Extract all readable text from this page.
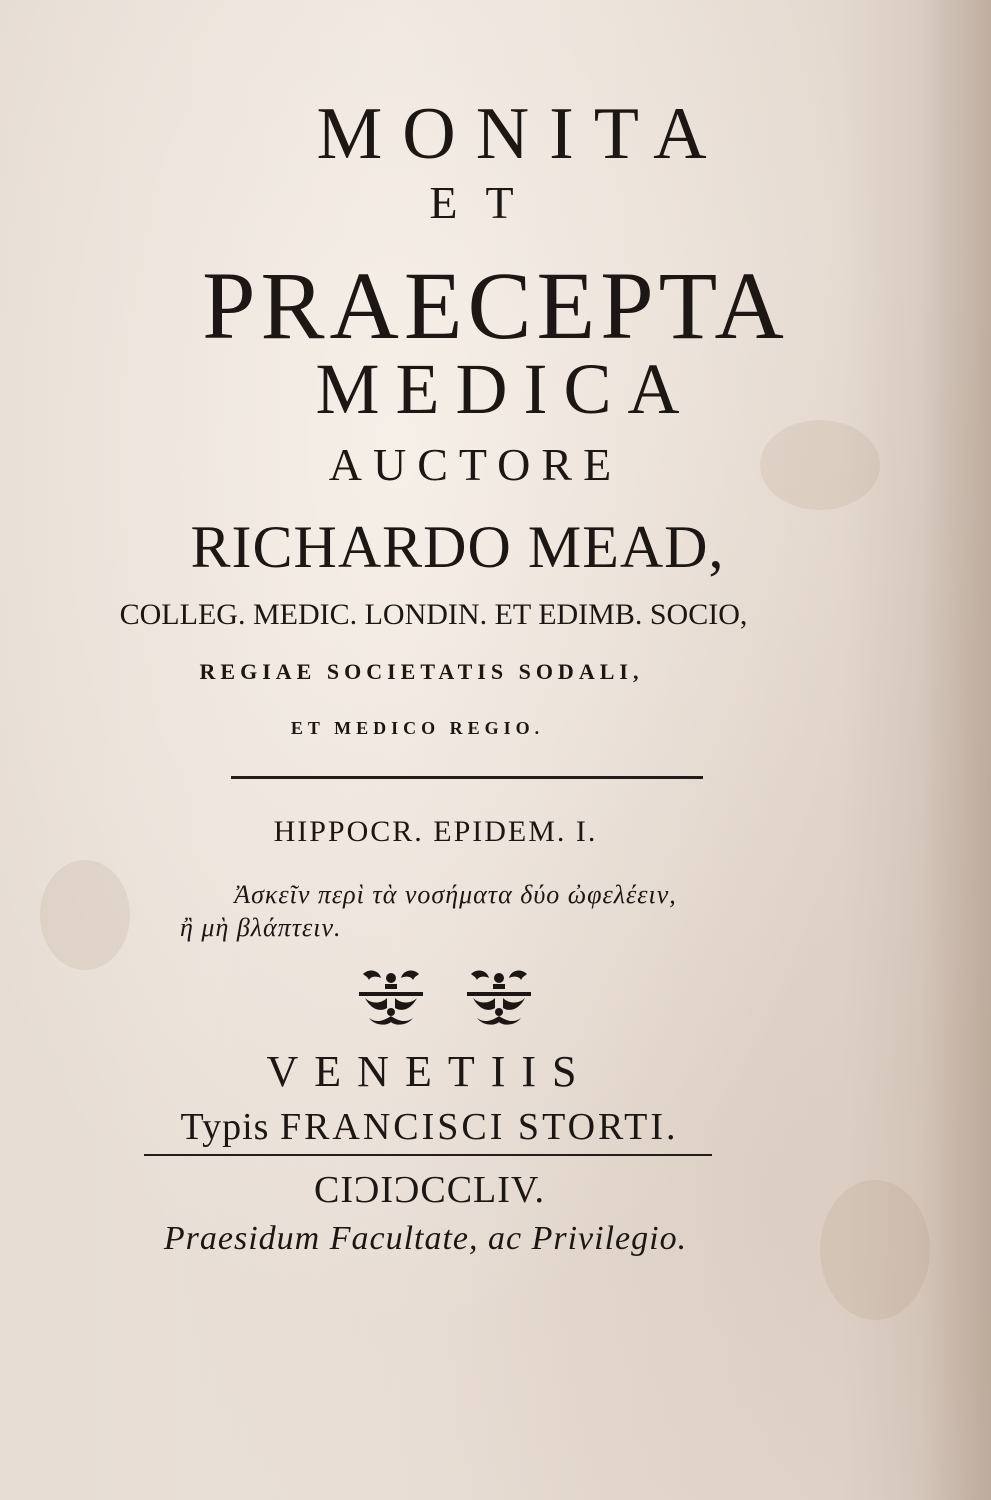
MONITA
ET
PRAECEPTA
MEDICA
AUCTORE
RICHARDO MEAD,
COLLEG. MEDIC. LONDIN. ET EDIMB. SOCIO,
REGIAE SOCIETATIS SODALI,
ET MEDICO REGIO.
HIPPOCR. EPIDEM. I.
Ἀσκεῖν περὶ τὰ νοσήματα δύο ὠφελέειν,
ἢ μὴ βλάπτειν.
VENETIIS
Typis FRANCISCI STORTI.
CIƆIƆCCLIV.
Praesidum Facultate, ac Privilegio.
